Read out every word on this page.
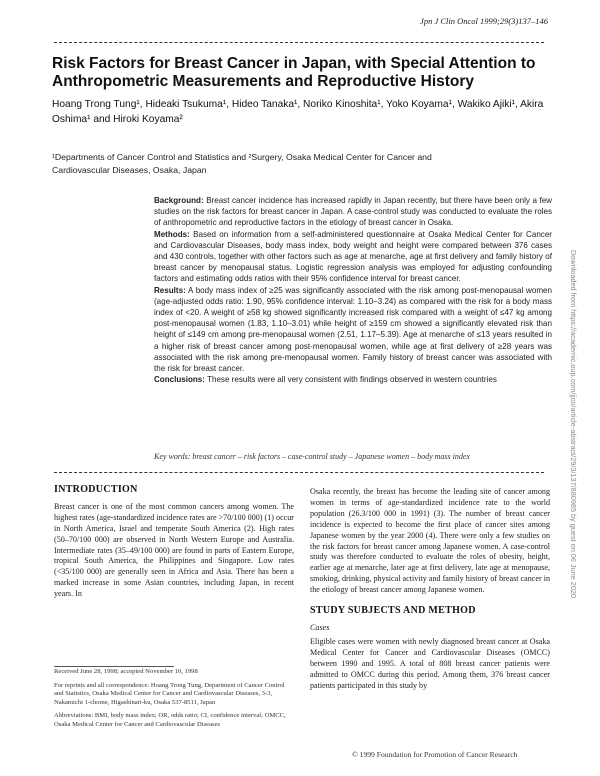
Jpn J Clin Oncol 1999;29(3)137–146
Risk Factors for Breast Cancer in Japan, with Special Attention to Anthropometric Measurements and Reproductive History

Hoang Trong Tung¹, Hideaki Tsukuma¹, Hideo Tanaka¹, Noriko Kinoshita¹, Yoko Koyama¹, Wakiko Ajiki¹, Akira Oshima¹ and Hiroki Koyama²

¹Departments of Cancer Control and Statistics and ²Surgery, Osaka Medical Center for Cancer and Cardiovascular Diseases, Osaka, Japan

Background: Breast cancer incidence has increased rapidly in Japan recently, but there have been only a few studies on the risk factors for breast cancer in Japan. A case-control study was conducted to evaluate the roles of anthropometric and reproductive factors in the etiology of breast cancer in Osaka.

Methods: Based on information from a self-administered questionnaire at Osaka Medical Center for Cancer and Cardiovascular Diseases, body mass index, body weight and height were compared between 376 cases and 430 controls, together with other factors such as age at menarche, age at first delivery and family history of breast cancer by menopausal status. Logistic regression analysis was employed for adjusting confounding factors and estimating odds ratios with their 95% confidence interval for breast cancer.

Results: A body mass index of ≥25 was significantly associated with the risk among post-menopausal women (age-adjusted odds ratio: 1.90, 95% confidence interval: 1.10–3.24) as compared with the risk for a body mass index of <20. A weight of ≥58 kg showed significantly increased risk compared with a weight of ≤47 kg among post-menopausal women (1.83, 1.10–3.01) while height of ≥159 cm showed a significantly elevated risk than height of ≤149 cm among pre-menopausal women (2.51, 1.17–5.39). Age at menarche of ≤13 years resulted in a higher risk of breast cancer among post-menopausal women, while age at first delivery of ≥28 years was associated with the risk among pre-menopausal women. Family history of breast cancer was associated with the risk for breast cancer.

Conclusions: These results were all very consistent with findings observed in western countries

Key words: breast cancer – risk factors – case-control study – Japanese women – body mass index
INTRODUCTION

Breast cancer is one of the most common cancers among women. The highest rates (age-standardized incidence rates are >70/100 000) (1) occur in North America, Israel and temperate South America (2). High rates (50–70/100 000) are observed in North Western Europe and Australia. Intermediate rates (35–49/100 000) are found in parts of Eastern Europe, tropical South America, the Philippines and Singapore. Low rates (<35/100 000) are generally seen in Africa and Asia. There has been a marked increase in some Asian countries, including Japan, in recent years. In

Received June 28, 1998; accepted November 10, 1998

For reprints and all correspondence: Hoang Trong Tung, Department of Cancer Control and Statistics, Osaka Medical Center for Cancer and Cardiovascular Diseases, 3-3, Nakamichi 1-chome, Higashinari-ku, Osaka 537-8511, Japan

Abbreviations: BMI, body mass index; OR, odds ratio; CI, confidence interval; OMCC, Osaka Medical Center for Cancer and Cardiovascular Diseases

Osaka recently, the breast has become the leading site of cancer among women in terms of age-standardized incidence rate to the world population (26.3/100 000 in 1991) (3). The number of breast cancer incidence is expected to become the first place of cancer sites among Japanese women by the year 2000 (4). There were only a few studies on the risk factors for breast cancer among Japanese women. A case-control study was therefore conducted to evaluate the roles of obesity, height, earlier age at menarche, later age at first delivery, late age at menopause, smoking, drinking, physical activity and family history of breast cancer in the etiology of breast cancer among Japanese women.

STUDY SUBJECTS AND METHOD
Cases

Eligible cases were women with newly diagnosed breast cancer at Osaka Medical Center for Cancer and Cardiovascular Diseases (OMCC) between 1990 and 1995. A total of 808 breast cancer patients were admitted to OMCC during this period. Among them, 376 breast cancer patients participated in this study by

© 1999 Foundation for Promotion of Cancer Research
Downloaded from https://academic.oup.com/jjco/article-abstract/29/3/137/880985 by guest on 06 June 2020
